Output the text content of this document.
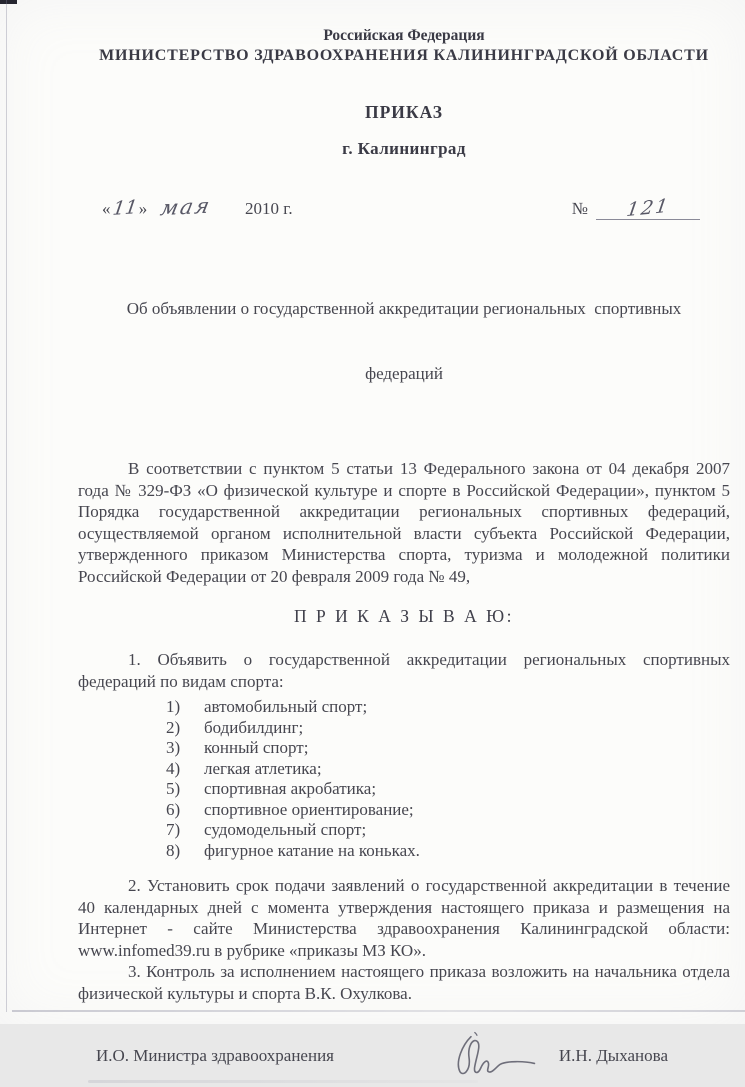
Российская Федерация
МИНИСТЕРСТВО ЗДРАВООХРАНЕНИЯ КАЛИНИНГРАДСКОЙ ОБЛАСТИ
ПРИКАЗ
г. Калининград
« 11 » мая 2010 г.	№	121

Об объявлении о государственной аккредитации региональных  спортивных

федераций

В соответствии с пунктом 5 статьи 13 Федерального закона от 04 декабря 2007 года № 329-ФЗ «О физической культуре и спорте в Российской Федерации», пунктом 5 Порядка государственной аккредитации региональных спортивных федераций, осуществляемой органом исполнительной власти субъекта Российской Федерации, утвержденного приказом Министерства спорта, туризма и молодежной политики Российской Федерации от 20 февраля 2009 года № 49,

П Р И К А З Ы В А Ю:

1. Объявить о государственной аккредитации региональных спортивных федераций по видам спорта:

1)	автомобильный спорт;
2)	бодибилдинг;
3)	конный спорт;
4)	легкая атлетика;
5)	спортивная акробатика;
6)	спортивное ориентирование;
7)	судомодельный спорт;
8)	фигурное катание на коньках.

2. Установить срок подачи заявлений о государственной аккредитации в течение 40 календарных дней с момента утверждения настоящего приказа и размещения на Интернет - сайте Министерства здравоохранения Калининградской области: www.infomed39.ru в рубрике «приказы МЗ КО».

3. Контроль за исполнением настоящего приказа возложить на начальника отдела физической культуры и спорта В.К. Охулкова.

И.О. Министра здравоохранения	И.Н. Дыханова
